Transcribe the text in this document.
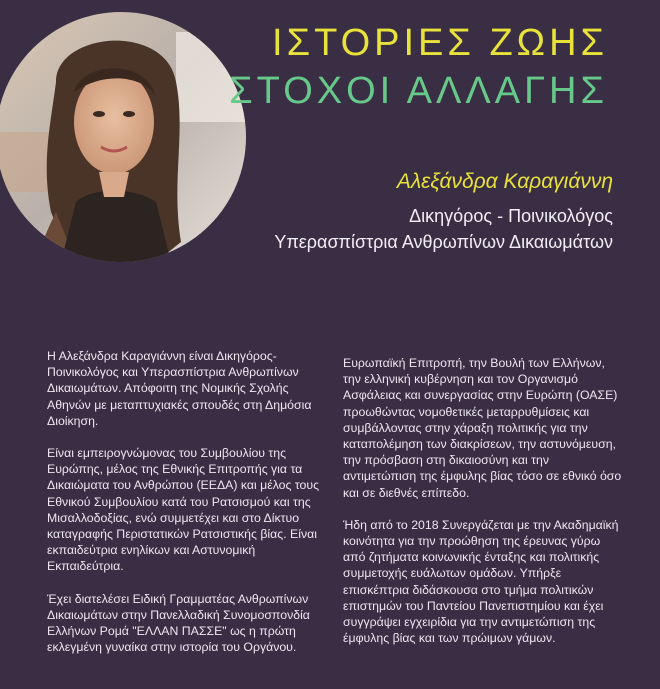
ΙΣΤΟΡΙΕΣ ΖΩΗΣ
ΣΤΟΧΟΙ ΑΛΛΑΓΗΣ
Αλεξάνδρα Καραγιάννη
Δικηγόρος - Ποινικολόγος
Υπερασπίστρια Ανθρωπίνων Δικαιωμάτων

Η Αλεξάνδρα Καραγιάννη είναι Δικηγόρος-Ποινικολόγος και Υπερασπίστρια Ανθρωπίνων Δικαιωμάτων. Απόφοιτη της Νομικής Σχολής Αθηνών με μεταπτυχιακές σπουδές στη Δημόσια Διοίκηση.

Είναι εμπειρογνώμονας του Συμβουλίου της Ευρώπης, μέλος της Εθνικής Επιτροπής για τα Δικαιώματα του Ανθρώπου (ΕΕΔΑ) και μέλος τους Εθνικού Συμβουλίου κατά του Ρατσισμού και της Μισαλλοδοξίας, ενώ συμμετέχει και στο Δίκτυο καταγραφής Περιστατικών Ρατσιστικής βίας. Είναι εκπαιδεύτρια ενηλίκων και Αστυνομική Εκπαιδεύτρια.

Έχει διατελέσει Ειδική Γραμματέας Ανθρωπίνων Δικαιωμάτων στην Πανελλαδική Συνομοσπονδία Ελλήνων Ρομά "ΕΛΛΑΝ ΠΑΣΣΕ" ως η πρώτη εκλεγμένη γυναίκα στην ιστορία του Οργάνου.

Ευρωπαϊκή Επιτροπή, την Βουλή των Ελλήνων, την ελληνική κυβέρνηση και τον Οργανισμό Ασφάλειας και συνεργασίας στην Ευρώπη (ΟΑΣΕ) προωθώντας νομοθετικές μεταρρυθμίσεις και συμβάλλοντας στην χάραξη πολιτικής για την καταπολέμηση των διακρίσεων, την αστυνόμευση, την πρόσβαση στη δικαιοσύνη και την αντιμετώπιση της έμφυλης βίας τόσο σε εθνικό όσο και σε διεθνές επίπεδο.

Ήδη από το 2018 Συνεργάζεται με την Ακαδημαϊκή κοινότητα για την προώθηση της έρευνας γύρω από ζητήματα κοινωνικής ένταξης και πολιτικής συμμετοχής ευάλωτων ομάδων. Υπήρξε επισκέπτρια διδάσκουσα στο τμήμα πολιτικών επιστημών του Παντείου Πανεπιστημίου και έχει συγγράψει εγχειρίδια για την αντιμετώπιση της έμφυλης βίας και των πρώιμων γάμων.
